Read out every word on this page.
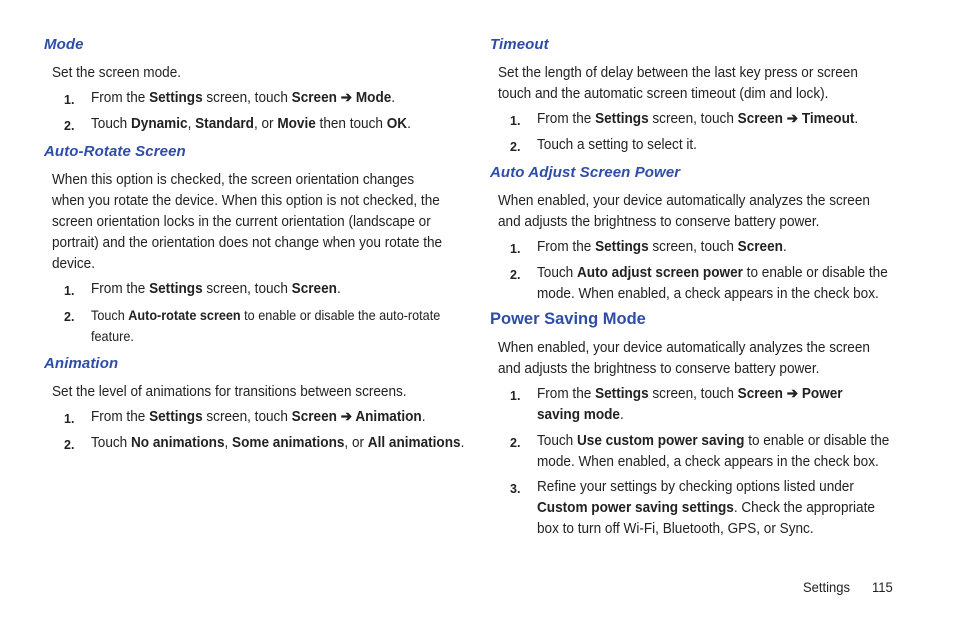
Mode
Set the screen mode.
1. From the Settings screen, touch Screen ➔ Mode.
2. Touch Dynamic, Standard, or Movie then touch OK.
Auto-Rotate Screen
When this option is checked, the screen orientation changes when you rotate the device. When this option is not checked, the screen orientation locks in the current orientation (landscape or portrait) and the orientation does not change when you rotate the device.
1. From the Settings screen, touch Screen.
2. Touch Auto-rotate screen to enable or disable the auto-rotate feature.
Animation
Set the level of animations for transitions between screens.
1. From the Settings screen, touch Screen ➔ Animation.
2. Touch No animations, Some animations, or All animations.
Timeout
Set the length of delay between the last key press or screen touch and the automatic screen timeout (dim and lock).
1. From the Settings screen, touch Screen ➔ Timeout.
2. Touch a setting to select it.
Auto Adjust Screen Power
When enabled, your device automatically analyzes the screen and adjusts the brightness to conserve battery power.
1. From the Settings screen, touch Screen.
2. Touch Auto adjust screen power to enable or disable the mode. When enabled, a check appears in the check box.
Power Saving Mode
When enabled, your device automatically analyzes the screen and adjusts the brightness to conserve battery power.
1. From the Settings screen, touch Screen ➔ Power saving mode.
2. Touch Use custom power saving to enable or disable the mode. When enabled, a check appears in the check box.
3. Refine your settings by checking options listed under Custom power saving settings. Check the appropriate box to turn off Wi-Fi, Bluetooth, GPS, or Sync.
Settings 115
